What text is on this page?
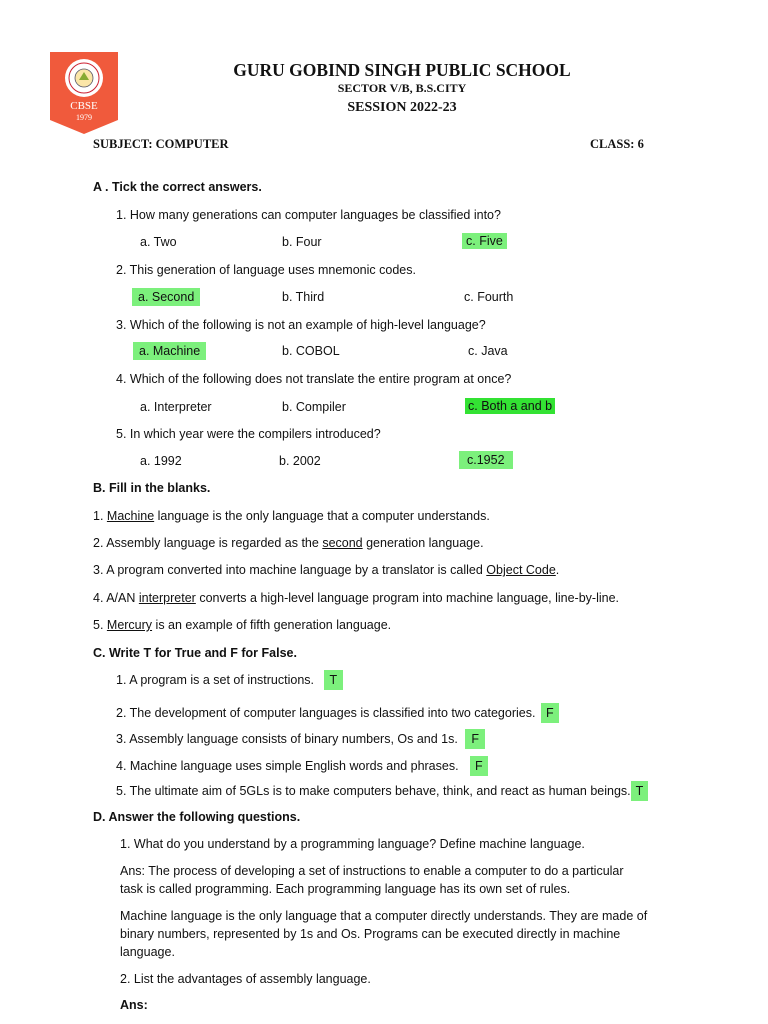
CBSE
1979
GURU GOBIND SINGH PUBLIC SCHOOL
SECTOR V/B, B.S.CITY
SESSION 2022-23
SUBJECT: COMPUTER	CLASS: 6
A . Tick the correct answers.
1. How many generations can computer languages be classified into?
a. Two	b. Four	c. Five
2. This generation of language uses mnemonic codes.
a. Second	b. Third	c. Fourth
3. Which of the following is not an example of high-level language?
a. Machine	b. COBOL	c. Java
4. Which of the following does not translate the entire program at once?
a. Interpreter	b. Compiler	c. Both a and b
5. In which year were the compilers introduced?
a. 1992	b. 2002	c.1952
B. Fill in the blanks.
1. Machine language is the only language that a computer understands.
2. Assembly language is regarded as the second generation language.
3. A program converted into machine language by a translator is called Object Code.
4. A/AN interpreter converts a high-level language program into machine language, line-by-line.
5. Mercury is an example of fifth generation language.
C. Write T for True and F for False.
1. A program is a set of instructions. T
2. The development of computer languages is classified into two categories. F
3. Assembly language consists of binary numbers, Os and 1s. F
4. Machine language uses simple English words and phrases. F
5. The ultimate aim of 5GLs is to make computers behave, think, and react as human beings. T
D. Answer the following questions.
1. What do you understand by a programming language? Define machine language.
Ans: The process of developing a set of instructions to enable a computer to do a particular
task is called programming. Each programming language has its own set of rules.
Machine language is the only language that a computer directly understands. They are made of
binary numbers, represented by 1s and Os. Programs can be executed directly in machine
language.
2. List the advantages of assembly language.
Ans:
